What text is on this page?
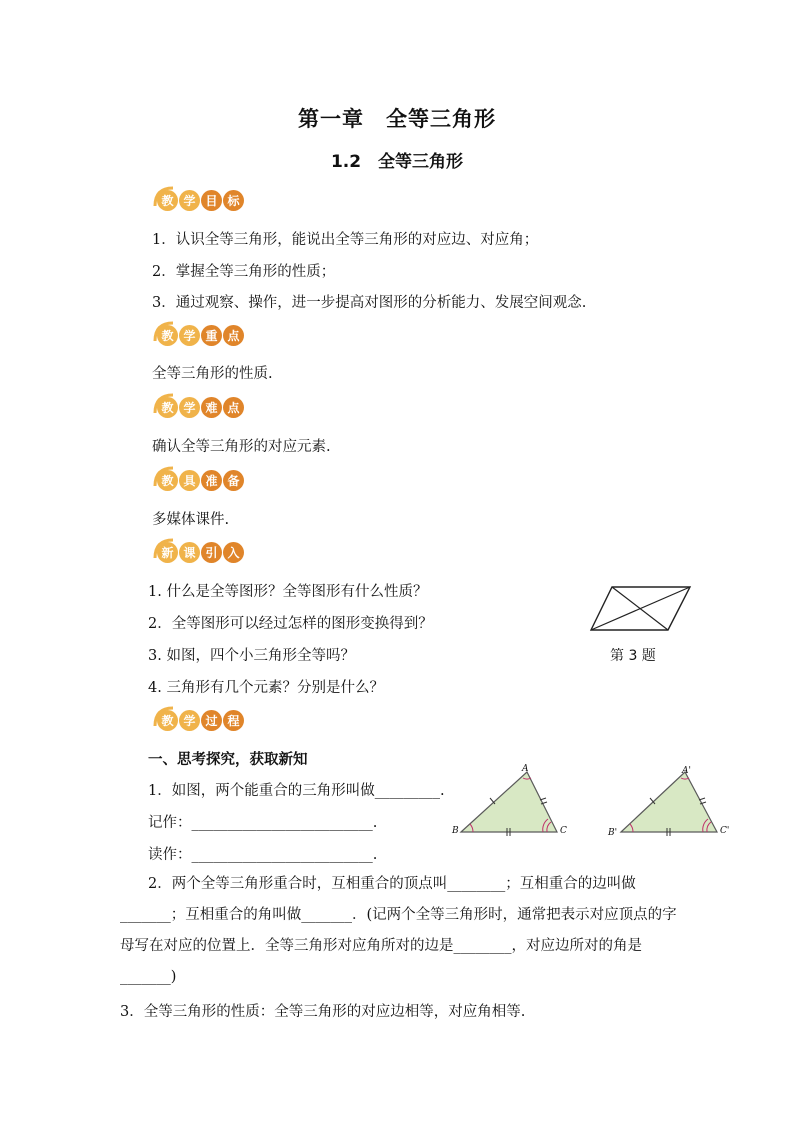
第一章　全等三角形
1.2　全等三角形
教 学 目 标
1．认识全等三角形，能说出全等三角形的对应边、对应角；
2．掌握全等三角形的性质；
3．通过观察、操作，进一步提高对图形的分析能力、发展空间观念.
教 学 重 点
全等三角形的性质.
教 学 难 点
确认全等三角形的对应元素.
教 具 准 备
多媒体课件.
新 课 引 入
1. 什么是全等图形？全等图形有什么性质？
2．全等图形可以经过怎样的图形变换得到？
3. 如图，四个小三角形全等吗？
4. 三角形有几个元素？分别是什么？
第 3 题
教 学 过 程
一、思考探究，获取新知
1．如图，两个能重合的三角形叫做_________.
记作：_________________________.
读作：_________________________.
A
B	C
A'
B'	C'
2．两个全等三角形重合时，互相重合的顶点叫________；互相重合的边叫做_______；互相重合的角叫做_______．(记两个全等三角形时，通常把表示对应顶点的字母写在对应的位置上．全等三角形对应角所对的边是________，对应边所对的角是_______)
3．全等三角形的性质：全等三角形的对应边相等，对应角相等.
